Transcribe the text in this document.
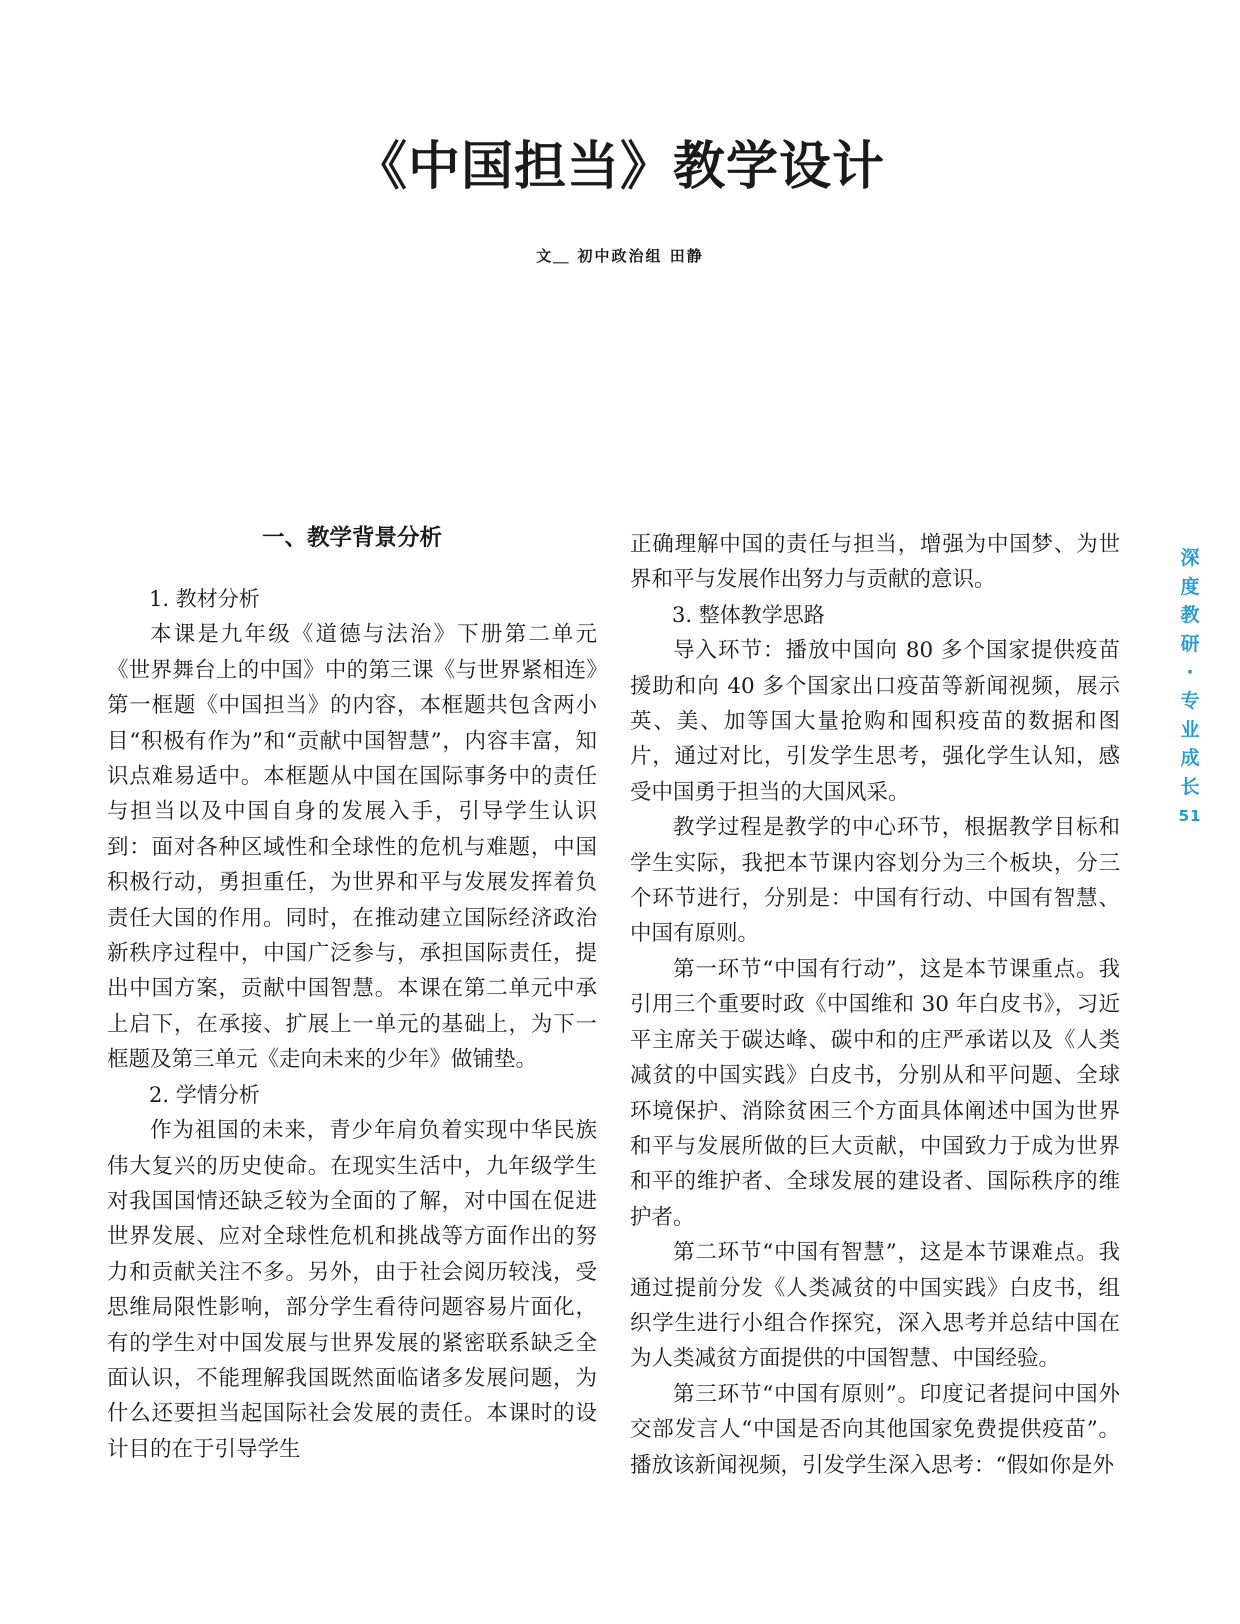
《中国担当》教学设计
文＿ 初中政治组 田静
一、教学背景分析
1. 教材分析

本课是九年级《道德与法治》下册第二单元《世界舞台上的中国》中的第三课《与世界紧相连》第一框题《中国担当》的内容，本框题共包含两小目“积极有作为”和“贡献中国智慧”，内容丰富，知识点难易适中。本框题从中国在国际事务中的责任与担当以及中国自身的发展入手，引导学生认识到：面对各种区域性和全球性的危机与难题，中国积极行动，勇担重任，为世界和平与发展发挥着负责任大国的作用。同时，在推动建立国际经济政治新秩序过程中，中国广泛参与，承担国际责任，提出中国方案，贡献中国智慧。本课在第二单元中承上启下，在承接、扩展上一单元的基础上，为下一框题及第三单元《走向未来的少年》做铺垫。

2. 学情分析

作为祖国的未来，青少年肩负着实现中华民族伟大复兴的历史使命。在现实生活中，九年级学生对我国国情还缺乏较为全面的了解，对中国在促进世界发展、应对全球性危机和挑战等方面作出的努力和贡献关注不多。另外，由于社会阅历较浅，受思维局限性影响，部分学生看待问题容易片面化，有的学生对中国发展与世界发展的紧密联系缺乏全面认识，不能理解我国既然面临诸多发展问题，为什么还要担当起国际社会发展的责任。本课时的设计目的在于引导学生

正确理解中国的责任与担当，增强为中国梦、为世界和平与发展作出努力与贡献的意识。

3. 整体教学思路

导入环节：播放中国向 80 多个国家提供疫苗援助和向 40 多个国家出口疫苗等新闻视频，展示英、美、加等国大量抢购和囤积疫苗的数据和图片，通过对比，引发学生思考，强化学生认知，感受中国勇于担当的大国风采。

教学过程是教学的中心环节，根据教学目标和学生实际，我把本节课内容划分为三个板块，分三个环节进行，分别是：中国有行动、中国有智慧、中国有原则。

第一环节“中国有行动”，这是本节课重点。我引用三个重要时政《中国维和 30 年白皮书》，习近平主席关于碳达峰、碳中和的庄严承诺以及《人类减贫的中国实践》白皮书，分别从和平问题、全球环境保护、消除贫困三个方面具体阐述中国为世界和平与发展所做的巨大贡献，中国致力于成为世界和平的维护者、全球发展的建设者、国际秩序的维护者。

第二环节“中国有智慧”，这是本节课难点。我通过提前分发《人类减贫的中国实践》白皮书，组织学生进行小组合作探究，深入思考并总结中国在为人类减贫方面提供的中国智慧、中国经验。

第三环节“中国有原则”。印度记者提问中国外交部发言人“中国是否向其他国家免费提供疫苗”。播放该新闻视频，引发学生深入思考：“假如你是外

深
度
教
研
·
专
业
成
长
51
